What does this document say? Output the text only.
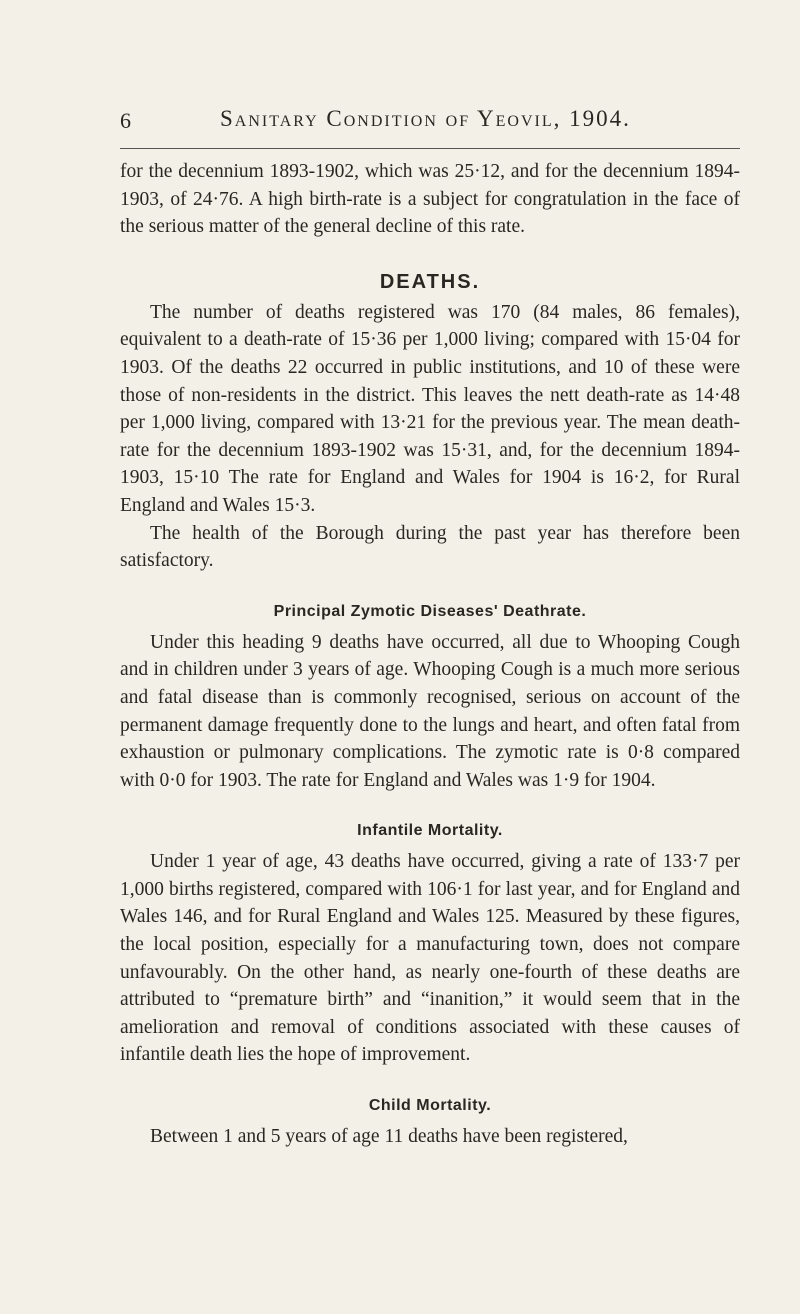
6	Sanitary Condition of Yeovil, 1904.

for the decennium 1893-1902, which was 25·12, and for the decennium 1894-1903, of 24·76. A high birth-rate is a subject for congratulation in the face of the serious matter of the general decline of this rate.

DEATHS.

The number of deaths registered was 170 (84 males, 86 females), equivalent to a death-rate of 15·36 per 1,000 living; compared with 15·04 for 1903. Of the deaths 22 occurred in public institutions, and 10 of these were those of non-residents in the district. This leaves the nett death-rate as 14·48 per 1,000 living, compared with 13·21 for the previous year. The mean death-rate for the decennium 1893-1902 was 15·31, and, for the decennium 1894-1903, 15·10 The rate for England and Wales for 1904 is 16·2, for Rural England and Wales 15·3.

The health of the Borough during the past year has therefore been satisfactory.

Principal Zymotic Diseases' Deathrate.

Under this heading 9 deaths have occurred, all due to Whooping Cough and in children under 3 years of age. Whooping Cough is a much more serious and fatal disease than is commonly recognised, serious on account of the permanent damage frequently done to the lungs and heart, and often fatal from exhaustion or pulmonary complications. The zymotic rate is 0·8 compared with 0·0 for 1903. The rate for England and Wales was 1·9 for 1904.

Infantile Mortality.

Under 1 year of age, 43 deaths have occurred, giving a rate of 133·7 per 1,000 births registered, compared with 106·1 for last year, and for England and Wales 146, and for Rural England and Wales 125. Measured by these figures, the local position, especially for a manufacturing town, does not compare unfavourably. On the other hand, as nearly one-fourth of these deaths are attributed to “premature birth” and “inanition,” it would seem that in the amelioration and removal of conditions associated with these causes of infantile death lies the hope of improvement.

Child Mortality.

Between 1 and 5 years of age 11 deaths have been registered,
